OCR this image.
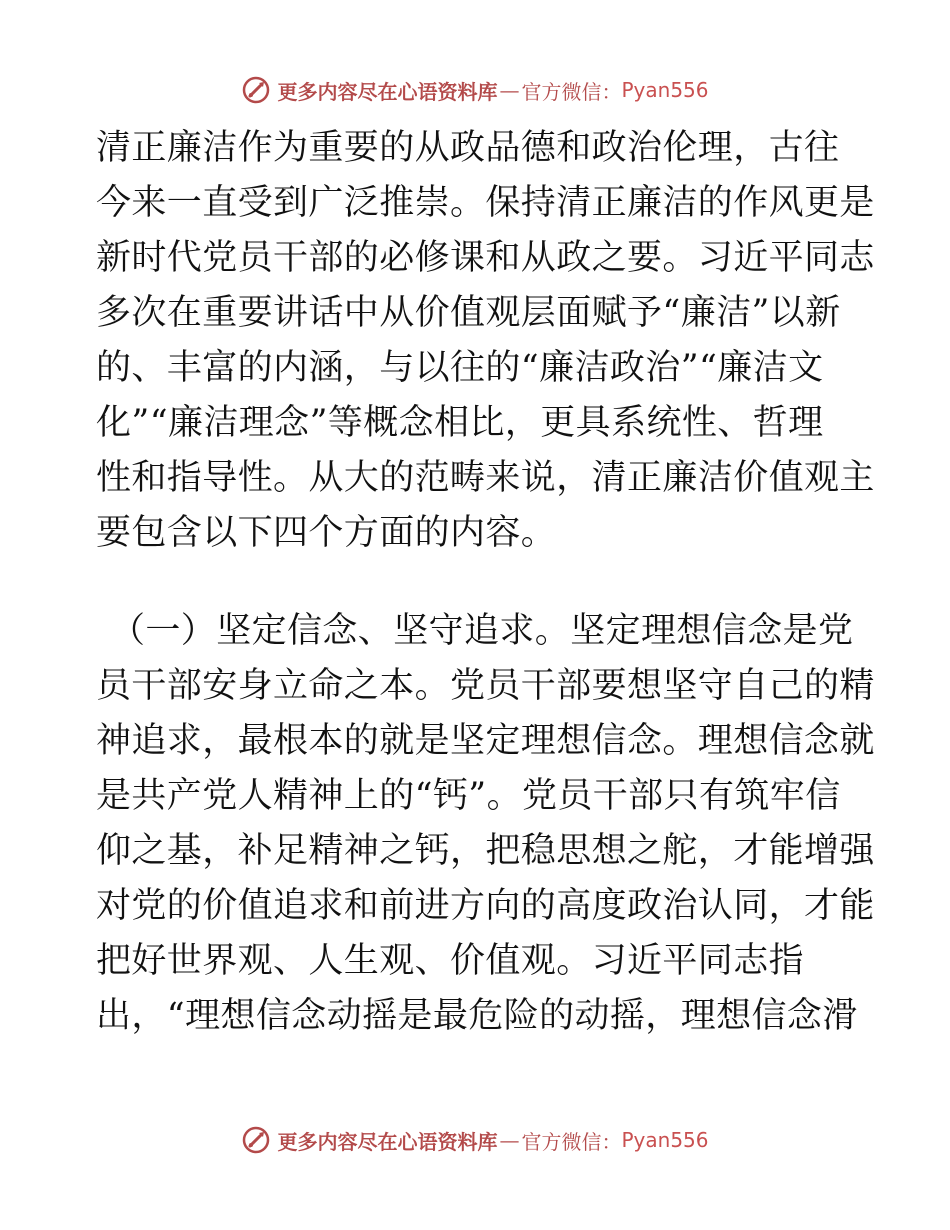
更多内容尽在心语资料库 — 官方微信： Pyan556
清正廉洁作为重要的从政品德和政治伦理，古往
今来一直受到广泛推崇。保持清正廉洁的作风更是
新时代党员干部的必修课和从政之要。习近平同志
多次在重要讲话中从价值观层面赋予“廉洁”以新
的、丰富的内涵，与以往的“廉洁政治”“廉洁文
化”“廉洁理念”等概念相比，更具系统性、哲理
性和指导性。从大的范畴来说，清正廉洁价值观主
要包含以下四个方面的内容。
（一）坚定信念、坚守追求。坚定理想信念是党
员干部安身立命之本。党员干部要想坚守自己的精
神追求，最根本的就是坚定理想信念。理想信念就
是共产党人精神上的“钙”。党员干部只有筑牢信
仰之基，补足精神之钙，把稳思想之舵，才能增强
对党的价值追求和前进方向的高度政治认同，才能
把好世界观、人生观、价值观。习近平同志指
出，“理想信念动摇是最危险的动摇，理想信念滑
更多内容尽在心语资料库 — 官方微信： Pyan556
